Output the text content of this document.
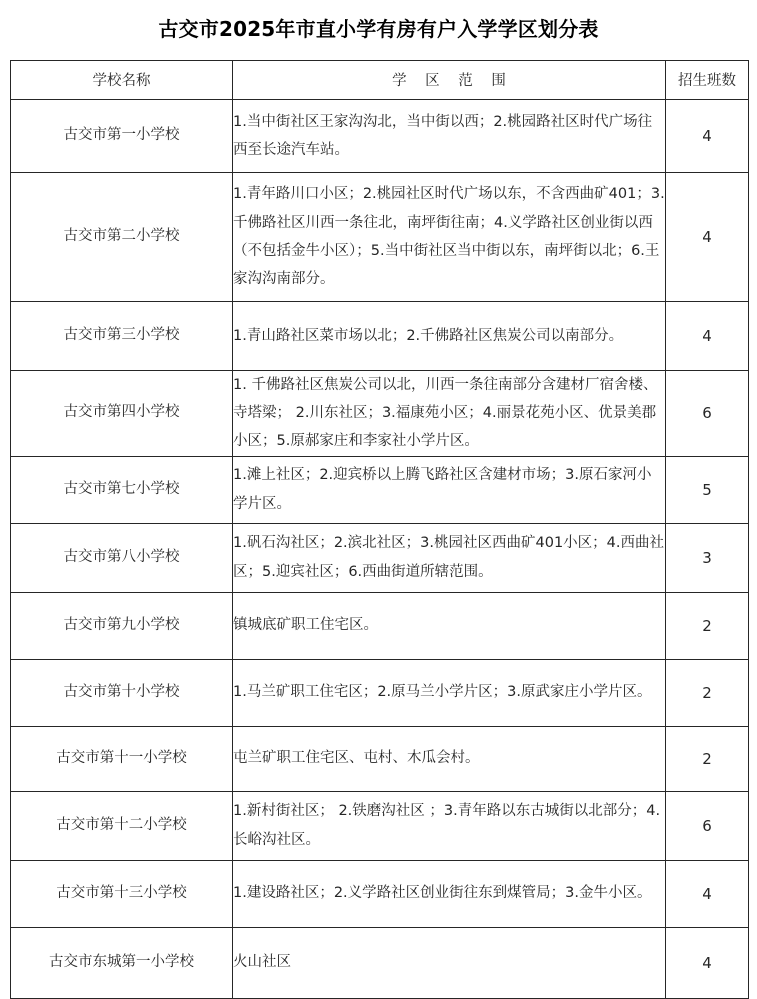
古交市2025年市直小学有房有户入学学区划分表
学校名称	学 区 范 围	招生班数
古交市第一小学校	1.当中街社区王家沟沟北，当中街以西；2.桃园路社区时代广场往西至长途汽车站。	4
古交市第二小学校	1.青年路川口小区；2.桃园社区时代广场以东，不含西曲矿401；3.千佛路社区川西一条往北，南坪街往南；4.义学路社区创业街以西（不包括金牛小区）；5.当中街社区当中街以东，南坪街以北；6.王家沟沟南部分。	4
古交市第三小学校	1.青山路社区菜市场以北；2.千佛路社区焦炭公司以南部分。	4
古交市第四小学校	1. 千佛路社区焦炭公司以北，川西一条往南部分含建材厂宿舍楼、寺塔梁； 2.川东社区；3.福康苑小区；4.丽景花苑小区、优景美郡小区；5.原郝家庄和李家社小学片区。	6
古交市第七小学校	1.滩上社区；2.迎宾桥以上腾飞路社区含建材市场；3.原石家河小学片区。	5
古交市第八小学校	1.矾石沟社区；2.滨北社区；3.桃园社区西曲矿401小区；4.西曲社区；5.迎宾社区；6.西曲街道所辖范围。	3
古交市第九小学校	镇城底矿职工住宅区。	2
古交市第十小学校	1.马兰矿职工住宅区；2.原马兰小学片区；3.原武家庄小学片区。	2
古交市第十一小学校	屯兰矿职工住宅区、屯村、木瓜会村。	2
古交市第十二小学校	1.新村街社区； 2.铁磨沟社区 ；3.青年路以东古城街以北部分；4.长峪沟社区。	6
古交市第十三小学校	1.建设路社区；2.义学路社区创业街往东到煤管局；3.金牛小区。	4
古交市东城第一小学校	火山社区	4
